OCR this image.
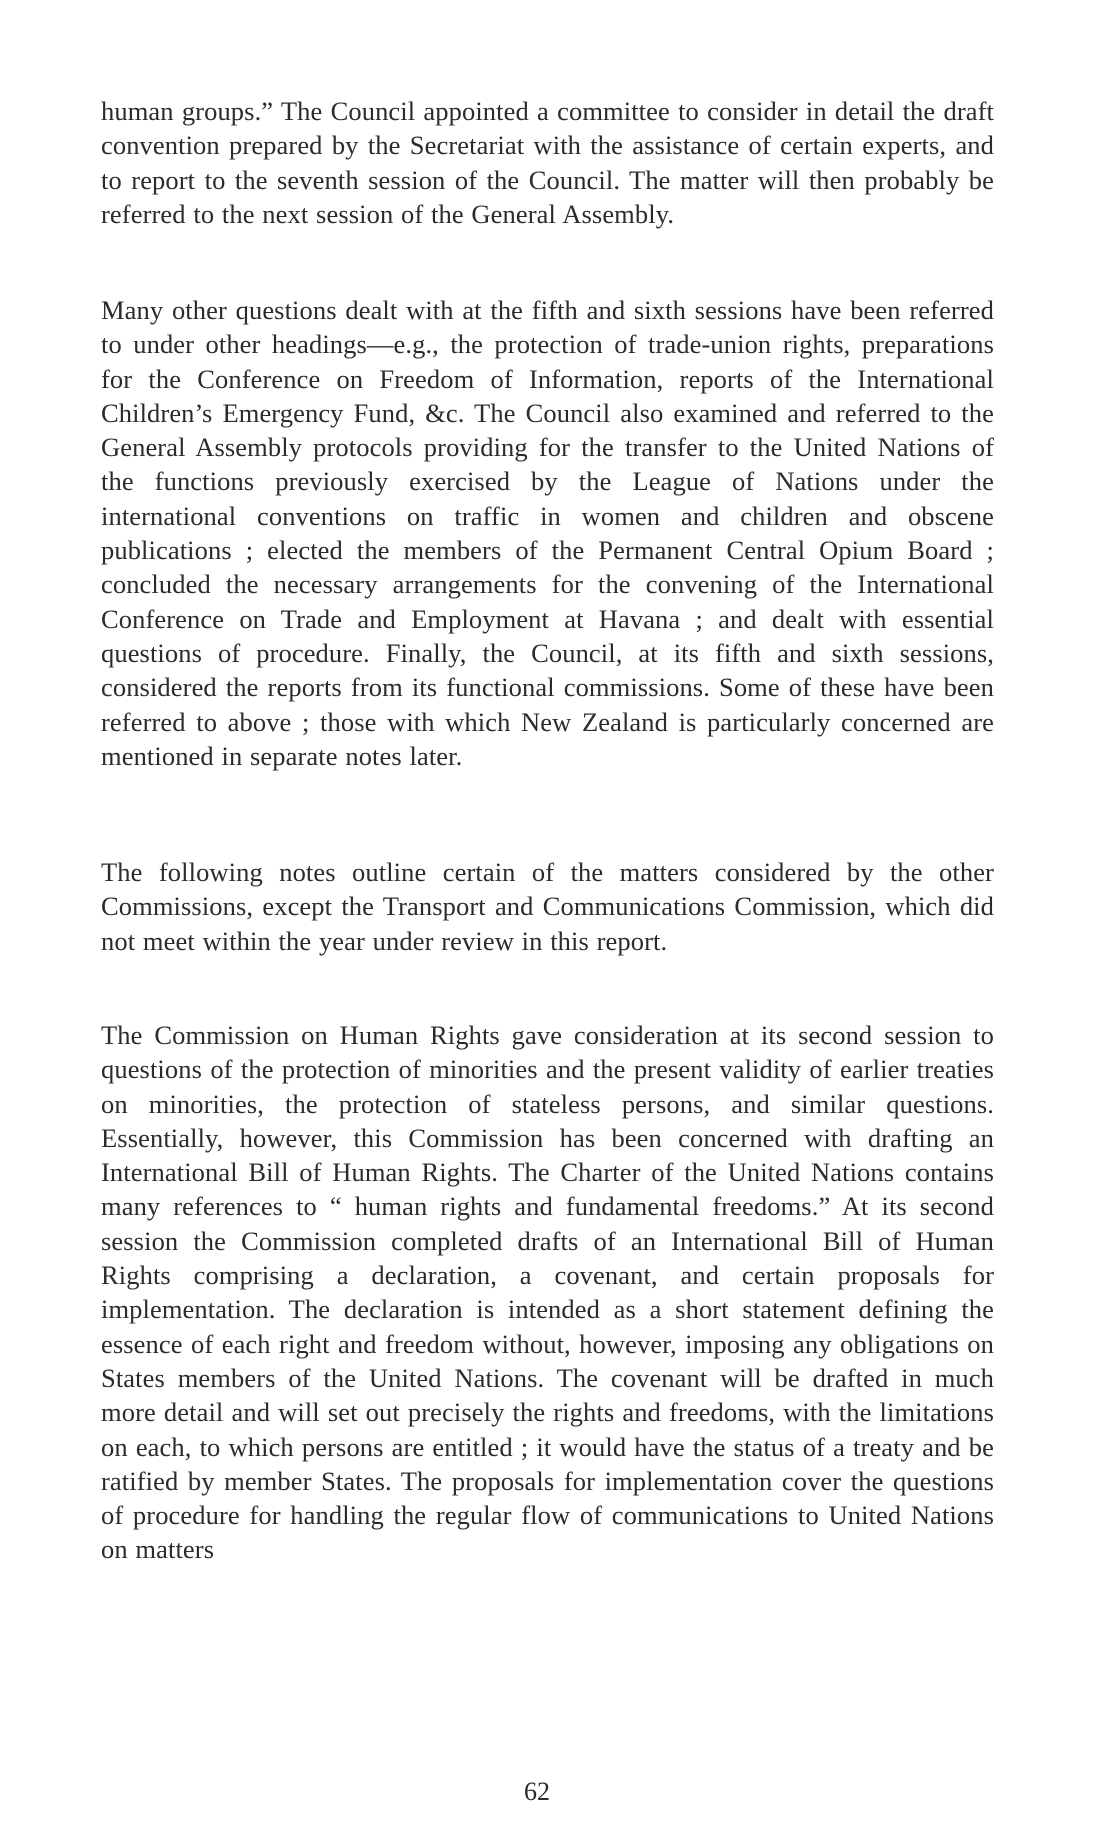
human groups.” The Council appointed a committee to consider in detail the draft convention prepared by the Secretariat with the assistance of certain experts, and to report to the seventh session of the Council. The matter will then probably be referred to the next session of the General Assembly.

Many other questions dealt with at the fifth and sixth sessions have been referred to under other headings—e.g., the protection of trade-union rights, preparations for the Conference on Freedom of Information, reports of the International Children’s Emergency Fund, &c. The Council also examined and referred to the General Assembly protocols providing for the transfer to the United Nations of the functions previously exercised by the League of Nations under the international conventions on traffic in women and children and obscene publications ; elected the members of the Permanent Central Opium Board ; concluded the necessary arrangements for the convening of the International Conference on Trade and Employment at Havana ; and dealt with essential questions of procedure. Finally, the Council, at its fifth and sixth sessions, considered the reports from its functional commissions. Some of these have been referred to above ; those with which New Zealand is particularly concerned are mentioned in separate notes later.

The following notes outline certain of the matters considered by the other Commissions, except the Transport and Communications Commission, which did not meet within the year under review in this report.

The Commission on Human Rights gave consideration at its second session to questions of the protection of minorities and the present validity of earlier treaties on minorities, the protection of stateless persons, and similar questions. Essentially, however, this Commission has been concerned with drafting an International Bill of Human Rights. The Charter of the United Nations contains many references to “ human rights and fundamental freedoms.” At its second session the Commission completed drafts of an International Bill of Human Rights comprising a declaration, a covenant, and certain proposals for implementation. The declaration is intended as a short statement defining the essence of each right and freedom without, however, imposing any obligations on States members of the United Nations. The covenant will be drafted in much more detail and will set out precisely the rights and freedoms, with the limitations on each, to which persons are entitled ; it would have the status of a treaty and be ratified by member States. The proposals for implementation cover the questions of procedure for handling the regular flow of communications to United Nations on matters

62
